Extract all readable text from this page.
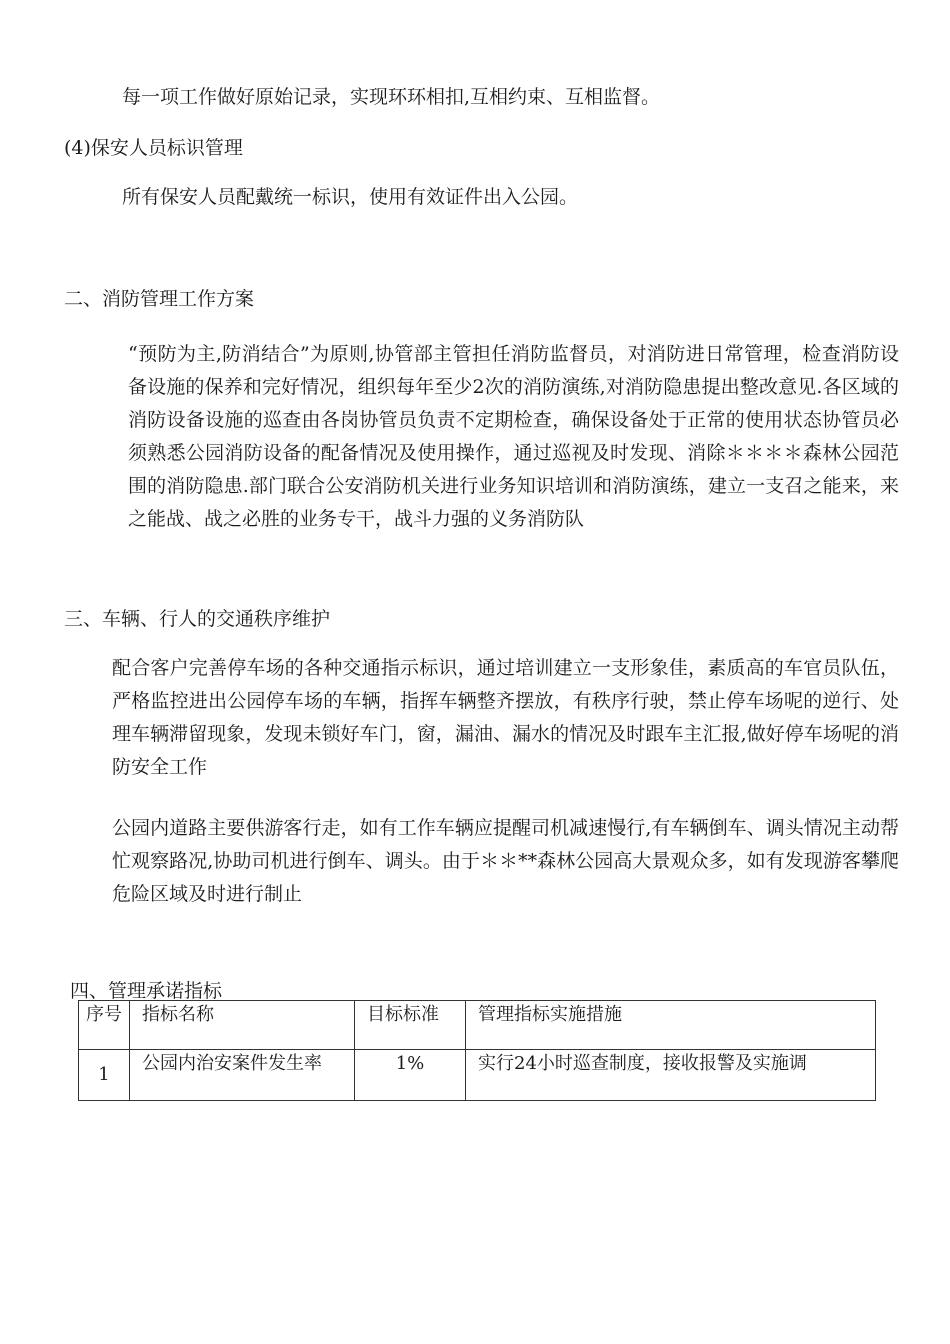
每一项工作做好原始记录，实现环环相扣,互相约束、互相监督。
(4)保安人员标识管理
所有保安人员配戴统一标识，使用有效证件出入公园。
二、消防管理工作方案
“预防为主,防消结合”为原则,协管部主管担任消防监督员，对消防进日常管理，检查消防设备设施的保养和完好情况，组织每年至少2次的消防演练,对消防隐患提出整改意见.各区域的消防设备设施的巡查由各岗协管员负责不定期检查，确保设备处于正常的使用状态协管员必须熟悉公园消防设备的配备情况及使用操作，通过巡视及时发现、消除＊＊＊＊森林公园范围的消防隐患.部门联合公安消防机关进行业务知识培训和消防演练，建立一支召之能来，来之能战、战之必胜的业务专干，战斗力强的义务消防队
三、车辆、行人的交通秩序维护
配合客户完善停车场的各种交通指示标识，通过培训建立一支形象佳，素质高的车官员队伍，严格监控进出公园停车场的车辆，指挥车辆整齐摆放，有秩序行驶，禁止停车场呢的逆行、处理车辆滞留现象，发现未锁好车门，窗，漏油、漏水的情况及时跟车主汇报,做好停车场呢的消防安全工作
公园内道路主要供游客行走，如有工作车辆应提醒司机减速慢行,有车辆倒车、调头情况主动帮忙观察路况,协助司机进行倒车、调头。由于＊＊**森林公园高大景观众多，如有发现游客攀爬危险区域及时进行制止
四、管理承诺指标
序号	指标名称	目标标准	管理指标实施措施
1	公园内治安案件发生率	1%	实行24小时巡查制度，接收报警及实施调
